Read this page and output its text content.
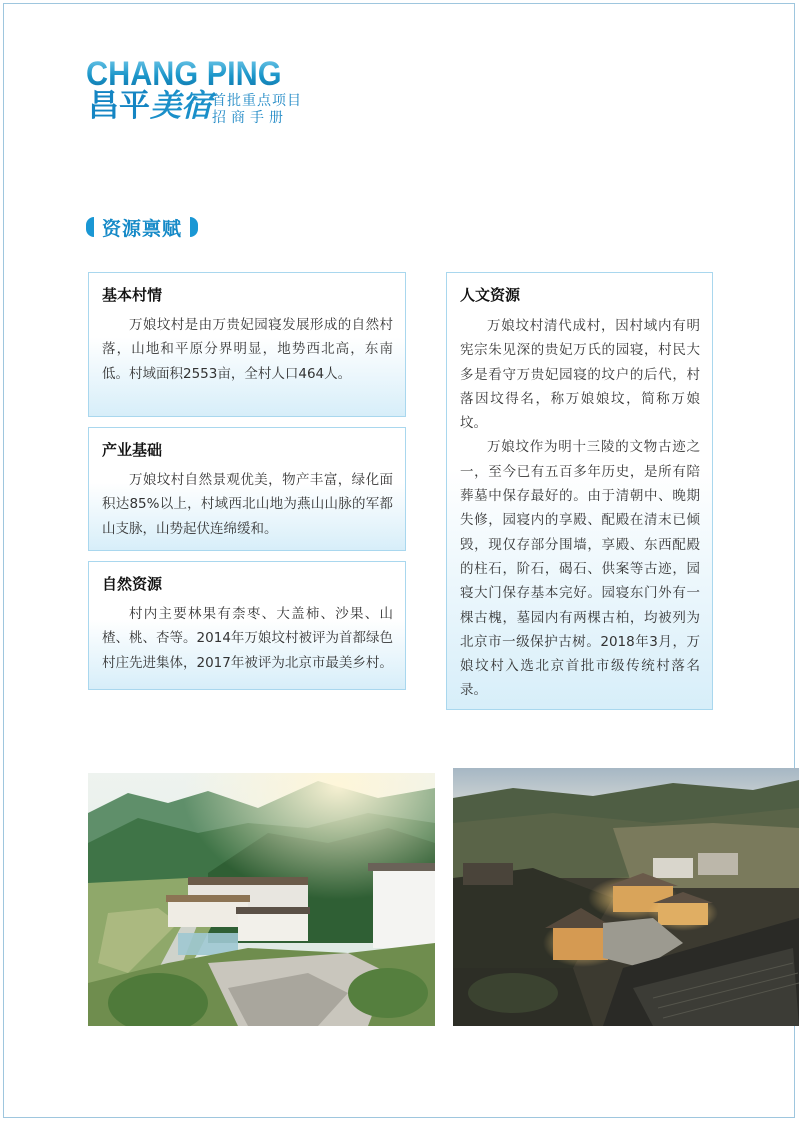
CHANG PING
昌平美宿 首批重点项目
招商手册
资源禀赋
基本村情

万娘坟村是由万贵妃园寝发展形成的自然村落，山地和平原分界明显，地势西北高，东南低。村域面积2553亩，全村人口464人。

产业基础

万娘坟村自然景观优美，物产丰富，绿化面积达85%以上，村域西北山地为燕山山脉的军都山支脉，山势起伏连绵缓和。

自然资源

村内主要林果有柰枣、大盖柿、沙果、山楂、桃、杏等。2014年万娘坟村被评为首都绿色村庄先进集体，2017年被评为北京市最美乡村。

人文资源

万娘坟村清代成村，因村域内有明宪宗朱见深的贵妃万氏的园寝，村民大多是看守万贵妃园寝的坟户的后代，村落因坟得名，称万娘娘坟，简称万娘坟。

万娘坟作为明十三陵的文物古迹之一，至今已有五百多年历史，是所有陪葬墓中保存最好的。由于清朝中、晚期失修，园寝内的享殿、配殿在清末已倾毁，现仅存部分围墙，享殿、东西配殿的柱石，阶石，碣石、供案等古迹，园寝大门保存基本完好。园寝东门外有一棵古槐，墓园内有两棵古柏，均被列为北京市一级保护古树。2018年3月，万娘坟村入选北京首批市级传统村落名录。
